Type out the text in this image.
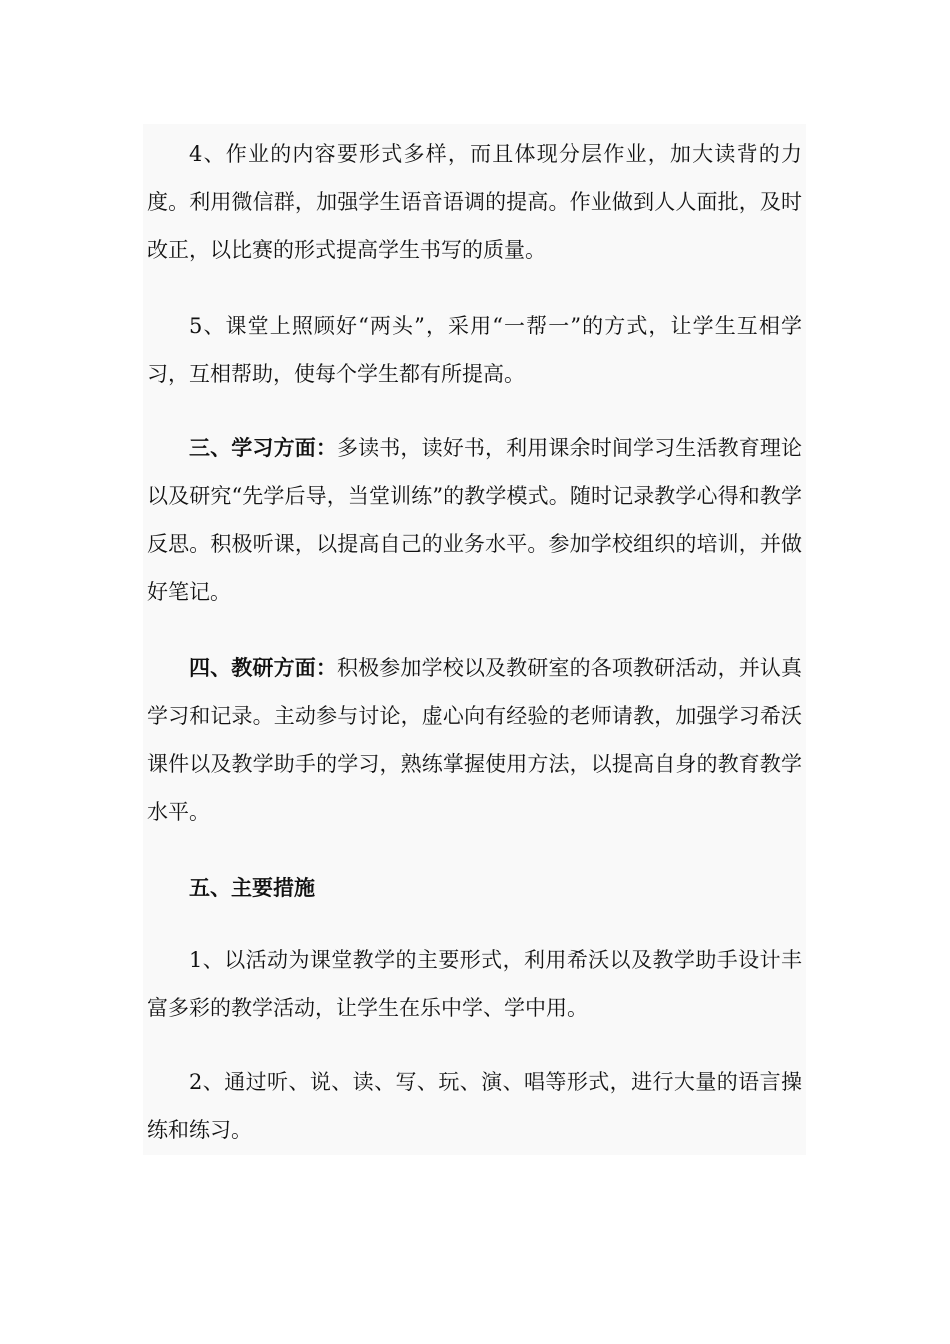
4、作业的内容要形式多样，而且体现分层作业，加大读背的力度。利用微信群，加强学生语音语调的提高。作业做到人人面批，及时改正，以比赛的形式提高学生书写的质量。

5、课堂上照顾好“两头”，采用“一帮一”的方式，让学生互相学习，互相帮助，使每个学生都有所提高。

三、学习方面：多读书，读好书，利用课余时间学习生活教育理论以及研究“先学后导，当堂训练”的教学模式。随时记录教学心得和教学反思。积极听课，以提高自己的业务水平。参加学校组织的培训，并做好笔记。

四、教研方面：积极参加学校以及教研室的各项教研活动，并认真学习和记录。主动参与讨论，虚心向有经验的老师请教，加强学习希沃课件以及教学助手的学习，熟练掌握使用方法，以提高自身的教育教学水平。

五、主要措施

1、以活动为课堂教学的主要形式，利用希沃以及教学助手设计丰富多彩的教学活动，让学生在乐中学、学中用。

2、通过听、说、读、写、玩、演、唱等形式，进行大量的语言操练和练习。
